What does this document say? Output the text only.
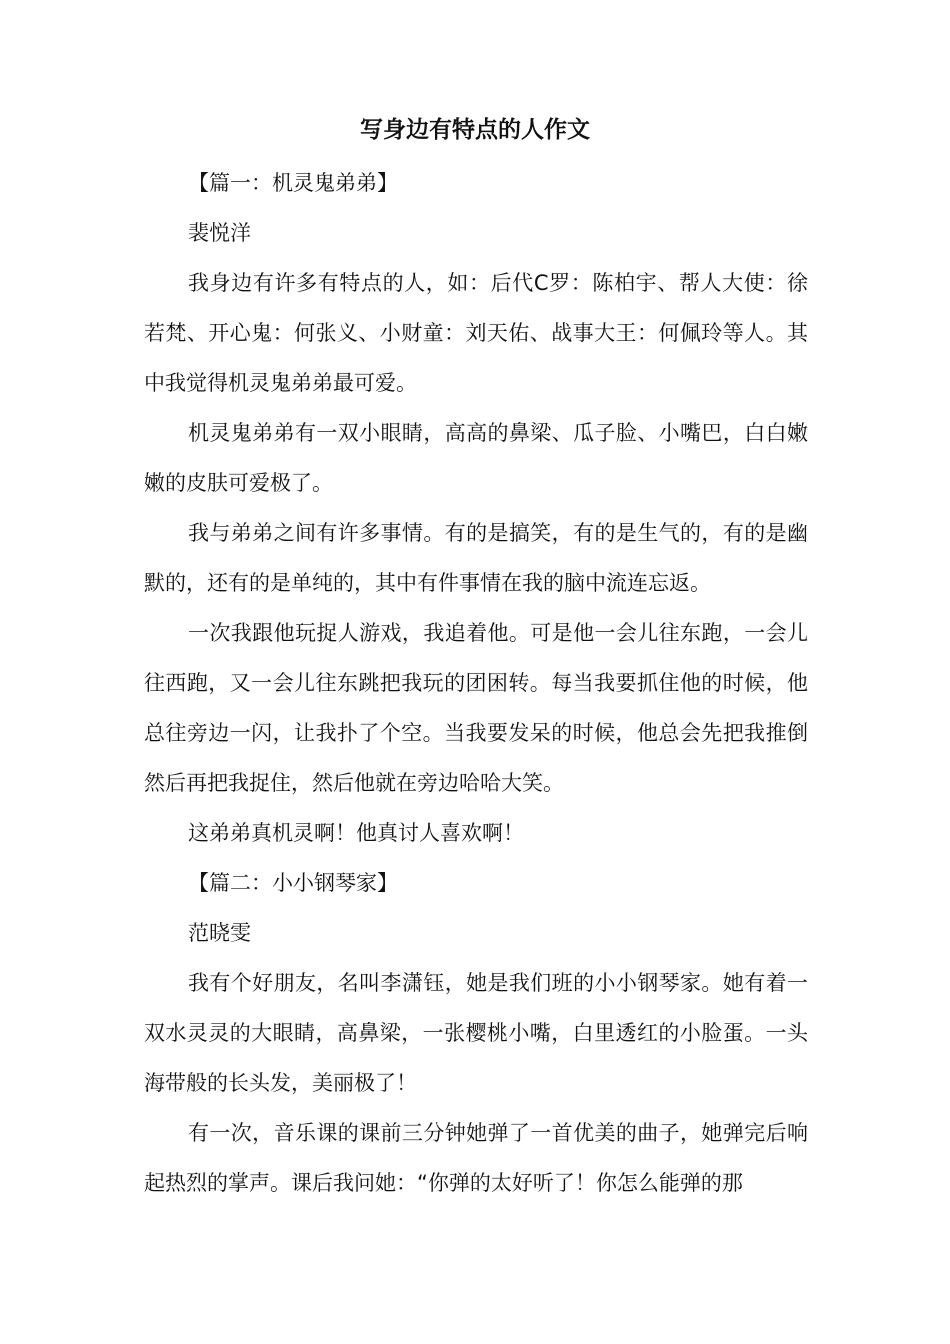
写身边有特点的人作文

【篇一：机灵鬼弟弟】

裴悦洋

我身边有许多有特点的人，如：后代C罗：陈柏宇、帮人大使：徐若梵、开心鬼：何张义、小财童：刘天佑、战事大王：何佩玲等人。其中我觉得机灵鬼弟弟最可爱。

机灵鬼弟弟有一双小眼睛，高高的鼻梁、瓜子脸、小嘴巴，白白嫩嫩的皮肤可爱极了。

我与弟弟之间有许多事情。有的是搞笑，有的是生气的，有的是幽默的，还有的是单纯的，其中有件事情在我的脑中流连忘返。

一次我跟他玩捉人游戏，我追着他。可是他一会儿往东跑，一会儿往西跑，又一会儿往东跳把我玩的团困转。每当我要抓住他的时候，他总往旁边一闪，让我扑了个空。当我要发呆的时候，他总会先把我推倒然后再把我捉住，然后他就在旁边哈哈大笑。

这弟弟真机灵啊！他真讨人喜欢啊！

【篇二：小小钢琴家】

范晓雯

我有个好朋友，名叫李潇钰，她是我们班的小小钢琴家。她有着一双水灵灵的大眼睛，高鼻梁，一张樱桃小嘴，白里透红的小脸蛋。一头海带般的长头发，美丽极了！

有一次，音乐课的课前三分钟她弹了一首优美的曲子，她弹完后响起热烈的掌声。课后我问她：“你弹的太好听了！你怎么能弹的那
